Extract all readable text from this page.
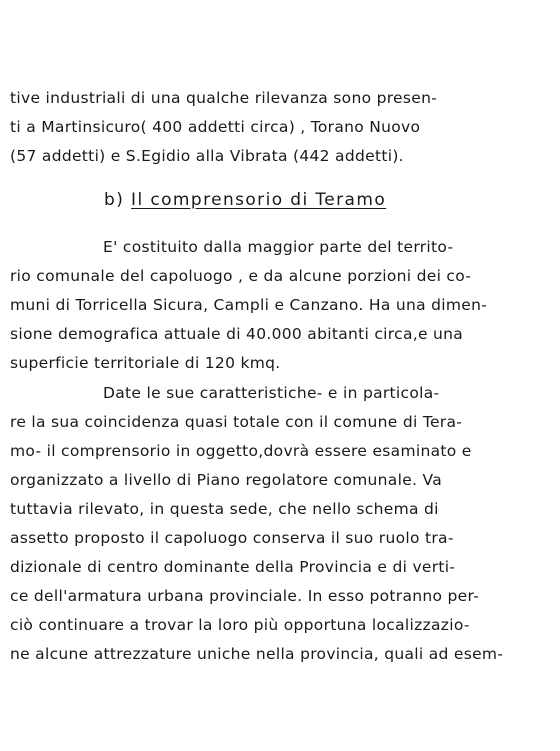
tive industriali di una qualche rilevanza sono presen-
ti a Martinsicuro( 400 addetti circa) , Torano Nuovo
(57 addetti) e S.Egidio alla Vibrata (442 addetti).
b) Il comprensorio di Teramo
E' costituito dalla maggior parte del territo-
rio comunale del capoluogo , e da alcune porzioni dei co-
muni di Torricella Sicura, Campli e Canzano. Ha una dimen-
sione demografica attuale di 40.000 abitanti circa,e una
superficie territoriale di 120 kmq.
Date le sue caratteristiche- e in particola-
re la sua coincidenza quasi totale con il comune di Tera-
mo- il comprensorio in oggetto,dovrà essere esaminato e
organizzato a livello di Piano regolatore comunale. Va
tuttavia rilevato, in questa sede, che nello schema di
assetto proposto il capoluogo conserva il suo ruolo tra-
dizionale di centro dominante della Provincia e di verti-
ce dell'armatura urbana provinciale. In esso potranno per-
ciò continuare a trovar la loro più opportuna localizzazio-
ne alcune attrezzature uniche nella provincia, quali ad esem-
